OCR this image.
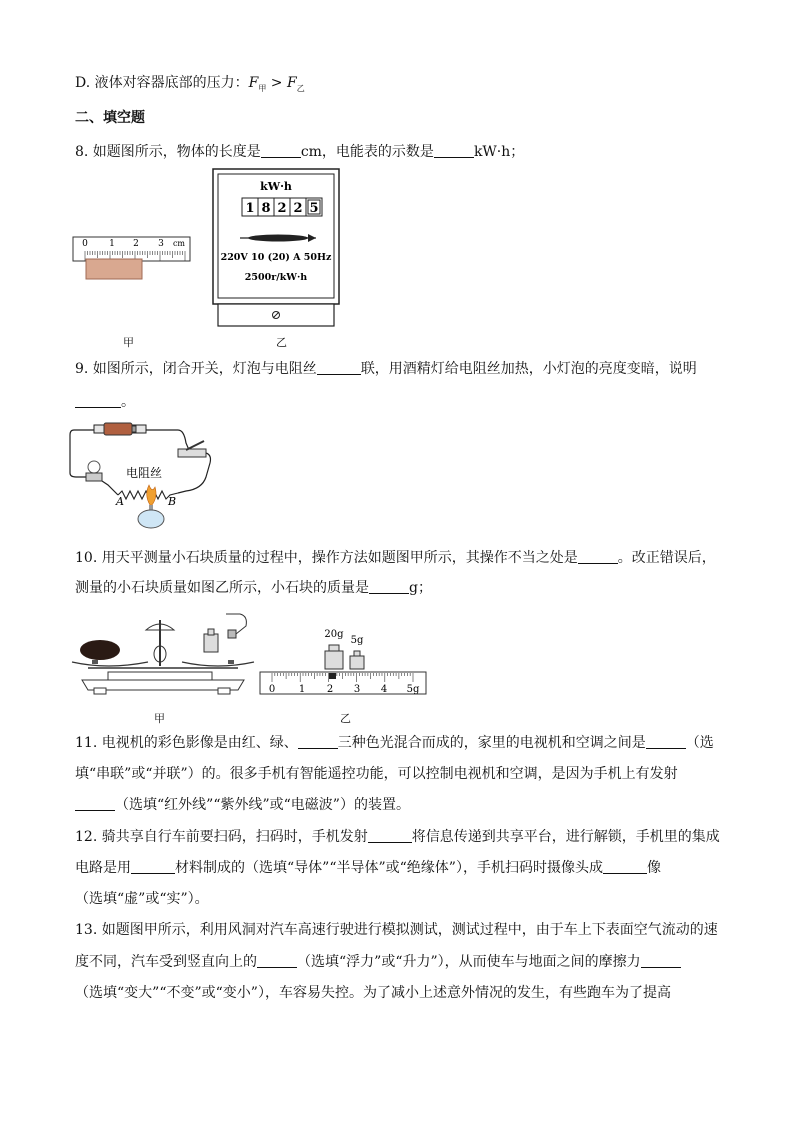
D. 液体对容器底部的压力：$F_甲 > F_乙$
二、填空题
8. 如题图所示，物体的长度是	cm，电能表的示数是	kW·h；
0 1 2 3 cm
甲
kW·h
1 8 2 2 5
220V 10 (20) A 50Hz
2500r/kW·h
乙
9. 如图所示，闭合开关，灯泡与电阻丝	联，用酒精灯给电阻丝加热，小灯泡的亮度变暗，说明
。
电阻丝
A	B
10. 用天平测量小石块质量的过程中，操作方法如题图甲所示，其操作不当之处是	。改正错误后，
测量的小石块质量如图乙所示，小石块的质量是	g；
甲
20g
5g
0 1 2 3 4 5g
乙
11. 电视机的彩色影像是由红、绿、	三种色光混合而成的，家里的电视机和空调之间是	（选
填“串联”或“并联”）的。很多手机有智能遥控功能，可以控制电视机和空调，是因为手机上有发射
（选填“红外线”“紫外线”或“电磁波”）的装置。
12. 骑共享自行车前要扫码，扫码时，手机发射	将信息传递到共享平台，进行解锁，手机里的集成
电路是用	材料制成的（选填“导体”“半导体”或“绝缘体”），手机扫码时摄像头成	像
（选填“虚”或“实”）。
13. 如题图甲所示，利用风洞对汽车高速行驶进行模拟测试，测试过程中，由于车上下表面空气流动的速
度不同，汽车受到竖直向上的	（选填“浮力”或“升力”），从而使车与地面之间的摩擦力
（选填“变大”“不变”或“变小”），车容易失控。为了减小上述意外情况的发生，有些跑车为了提高
